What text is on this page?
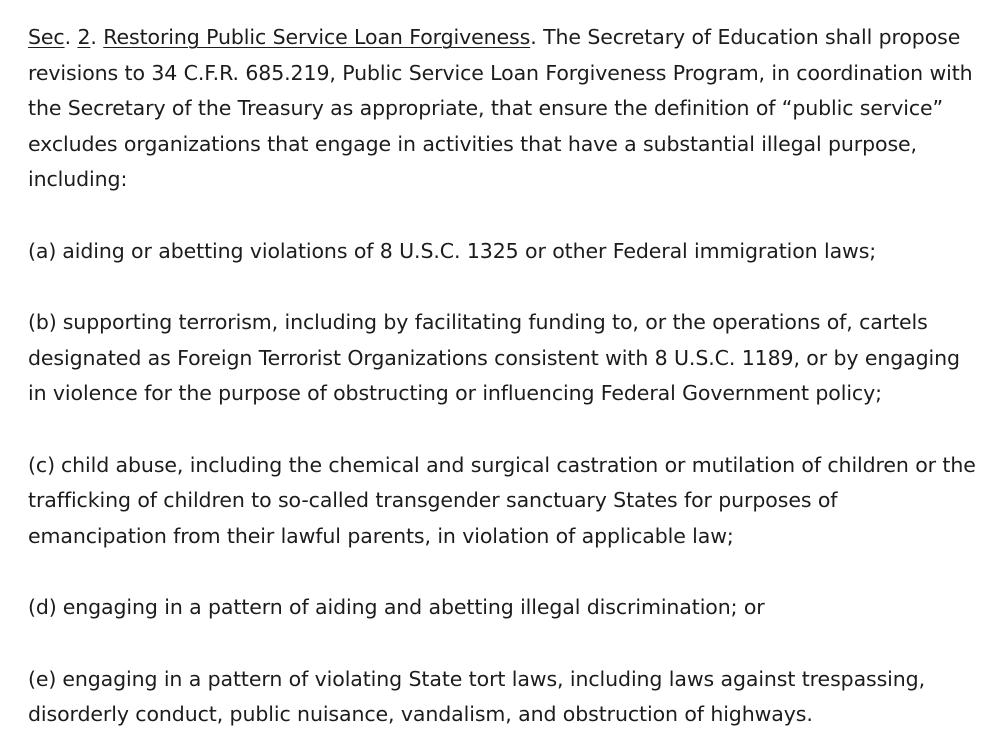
Sec. 2. Restoring Public Service Loan Forgiveness. The Secretary of Education shall propose revisions to 34 C.F.R. 685.219, Public Service Loan Forgiveness Program, in coordination with the Secretary of the Treasury as appropriate, that ensure the definition of “public service” excludes organizations that engage in activities that have a substantial illegal purpose, including:

(a) aiding or abetting violations of 8 U.S.C. 1325 or other Federal immigration laws;

(b) supporting terrorism, including by facilitating funding to, or the operations of, cartels designated as Foreign Terrorist Organizations consistent with 8 U.S.C. 1189, or by engaging in violence for the purpose of obstructing or influencing Federal Government policy;

(c) child abuse, including the chemical and surgical castration or mutilation of children or the trafficking of children to so-called transgender sanctuary States for purposes of emancipation from their lawful parents, in violation of applicable law;

(d) engaging in a pattern of aiding and abetting illegal discrimination; or

(e) engaging in a pattern of violating State tort laws, including laws against trespassing, disorderly conduct, public nuisance, vandalism, and obstruction of highways.
